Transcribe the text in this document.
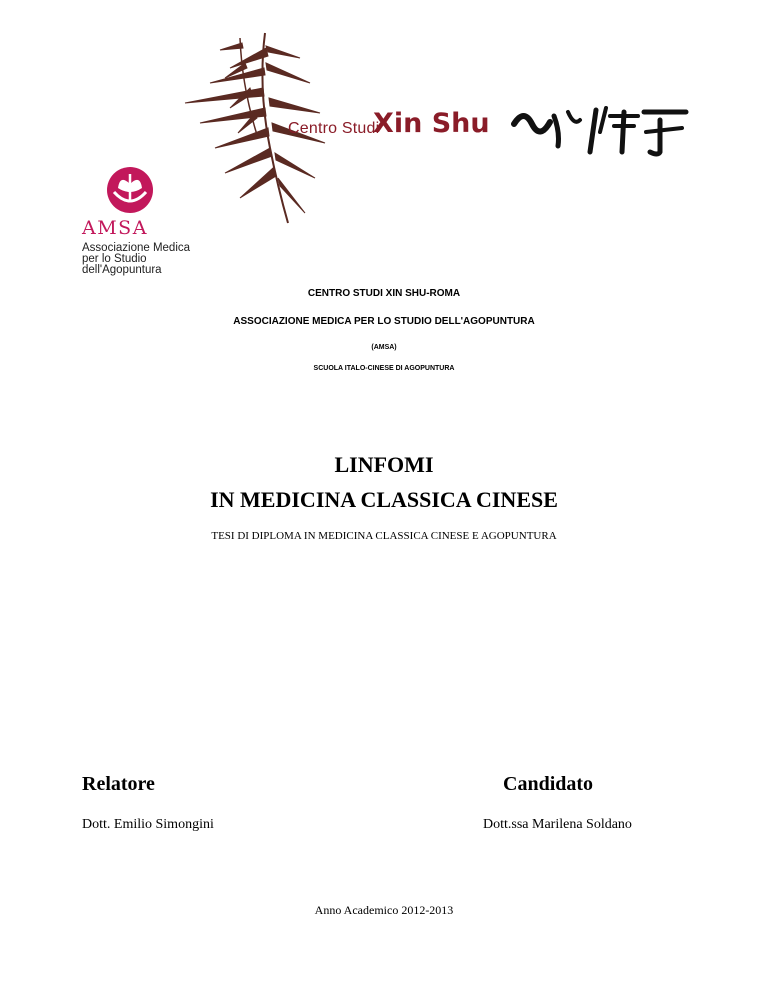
Centro Studi
Xin Shu
AMSA
Associazione Medica
per lo Studio
dell'Agopuntura
CENTRO STUDI XIN SHU-ROMA
ASSOCIAZIONE MEDICA PER LO STUDIO DELL'AGOPUNTURA
(AMSA)
SCUOLA ITALO-CINESE DI AGOPUNTURA
LINFOMI
IN MEDICINA CLASSICA CINESE
TESI DI DIPLOMA IN MEDICINA CLASSICA CINESE E AGOPUNTURA
Relatore
Dott. Emilio Simongini
Candidato
Dott.ssa Marilena Soldano
Anno Academico 2012-2013
